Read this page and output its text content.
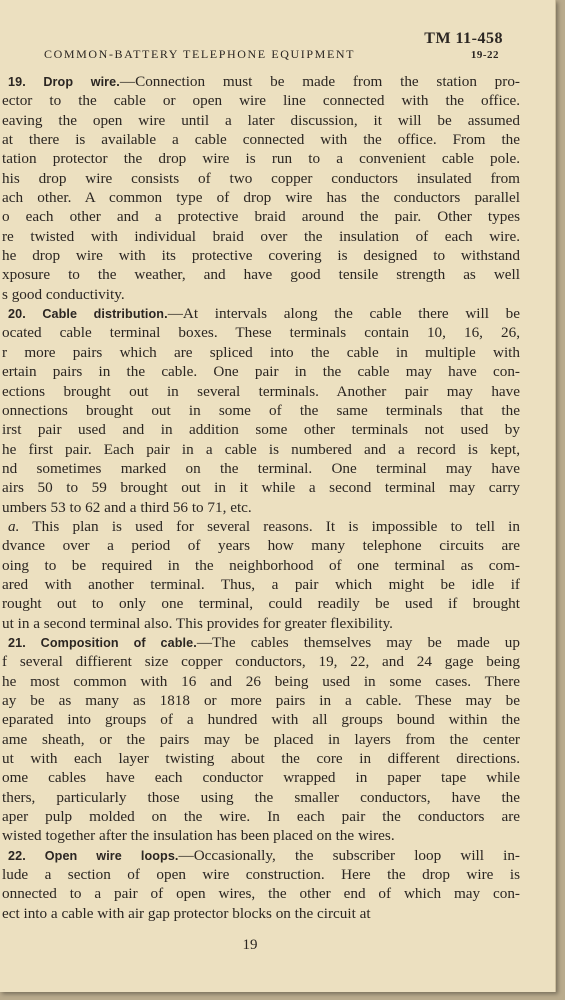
TM 11-458

COMMON-BATTERY TELEPHONE EQUIPMENT	19-22

19. Drop wire.—Connection must be made from the station pro-
ector to the cable or open wire line connected with the office.
eaving the open wire until a later discussion, it will be assumed
at there is available a cable connected with the office. From the
tation protector the drop wire is run to a convenient cable pole.
his drop wire consists of two copper conductors insulated from
ach other. A common type of drop wire has the conductors parallel
o each other and a protective braid around the pair. Other types
re twisted with individual braid over the insulation of each wire.
he drop wire with its protective covering is designed to withstand
xposure to the weather, and have good tensile strength as well
s good conductivity.
20. Cable distribution.—At intervals along the cable there will be
ocated cable terminal boxes. These terminals contain 10, 16, 26,
r more pairs which are spliced into the cable in multiple with
ertain pairs in the cable. One pair in the cable may have con-
ections brought out in several terminals. Another pair may have
onnections brought out in some of the same terminals that the
irst pair used and in addition some other terminals not used by
he first pair. Each pair in a cable is numbered and a record is kept,
nd sometimes marked on the terminal. One terminal may have
airs 50 to 59 brought out in it while a second terminal may carry
umbers 53 to 62 and a third 56 to 71, etc.
a. This plan is used for several reasons. It is impossible to tell in
dvance over a period of years how many telephone circuits are
oing to be required in the neighborhood of one terminal as com-
ared with another terminal. Thus, a pair which might be idle if
rought out to only one terminal, could readily be used if brought
ut in a second terminal also. This provides for greater flexibility.
21. Composition of cable.—The cables themselves may be made up
f several diffierent size copper conductors, 19, 22, and 24 gage being
he most common with 16 and 26 being used in some cases. There
ay be as many as 1818 or more pairs in a cable. These may be
eparated into groups of a hundred with all groups bound within the
ame sheath, or the pairs may be placed in layers from the center
ut with each layer twisting about the core in different directions.
ome cables have each conductor wrapped in paper tape while
thers, particularly those using the smaller conductors, have the
aper pulp molded on the wire. In each pair the conductors are
wisted together after the insulation has been placed on the wires.
22. Open wire loops.—Occasionally, the subscriber loop will in-
lude a section of open wire construction. Here the drop wire is
onnected to a pair of open wires, the other end of which may con-
ect into a cable with air gap protector blocks on the circuit at

19
